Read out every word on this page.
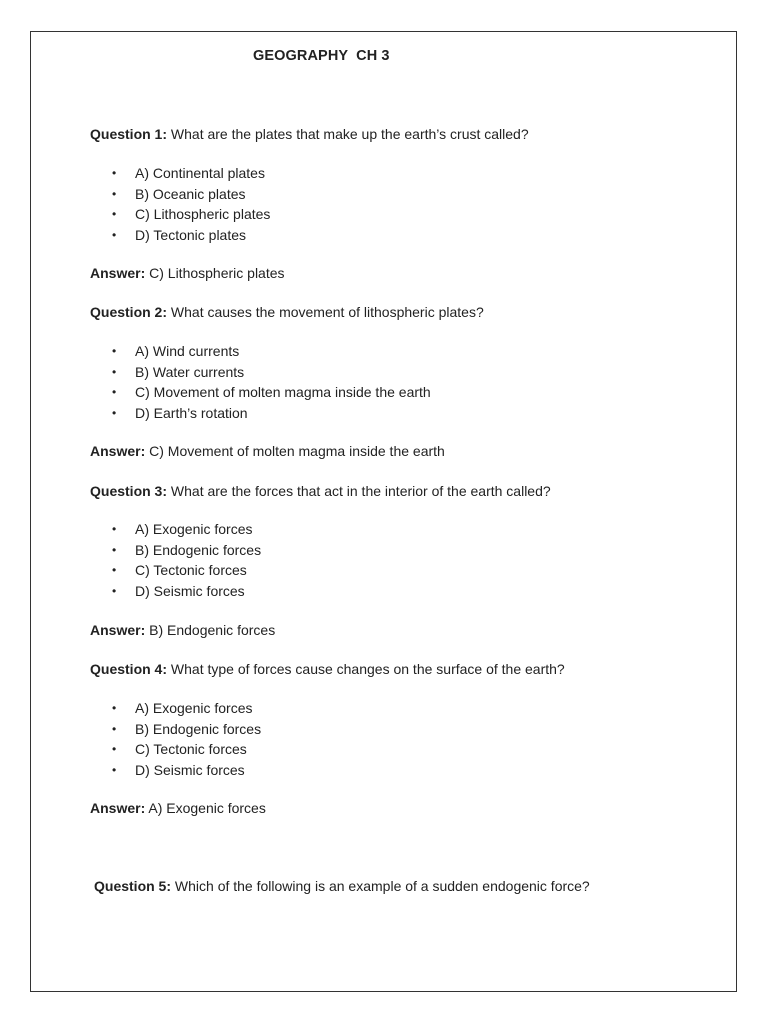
GEOGRAPHY  CH 3
Question 1: What are the plates that make up the earth’s crust called?
• A) Continental plates
• B) Oceanic plates
• C) Lithospheric plates
• D) Tectonic plates
Answer: C) Lithospheric plates
Question 2: What causes the movement of lithospheric plates?
• A) Wind currents
• B) Water currents
• C) Movement of molten magma inside the earth
• D) Earth’s rotation
Answer: C) Movement of molten magma inside the earth
Question 3: What are the forces that act in the interior of the earth called?
• A) Exogenic forces
• B) Endogenic forces
• C) Tectonic forces
• D) Seismic forces
Answer: B) Endogenic forces
Question 4: What type of forces cause changes on the surface of the earth?
• A) Exogenic forces
• B) Endogenic forces
• C) Tectonic forces
• D) Seismic forces
Answer: A) Exogenic forces
Question 5: Which of the following is an example of a sudden endogenic force?
